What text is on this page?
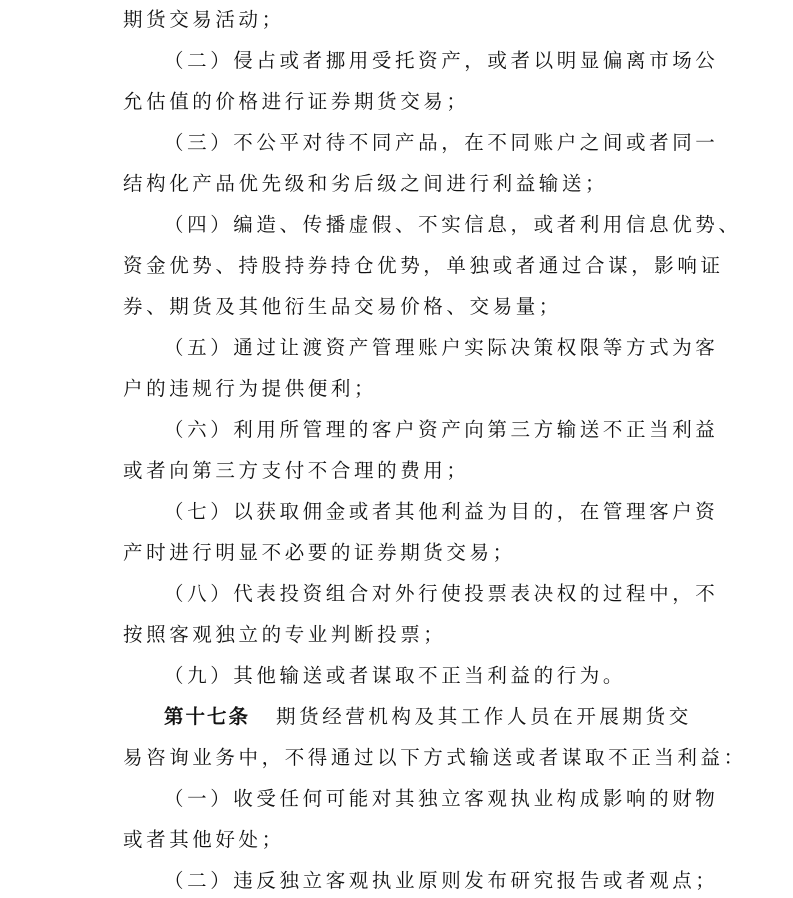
期货交易活动；
（二）侵占或者挪用受托资产，或者以明显偏离市场公
允估值的价格进行证券期货交易；
（三）不公平对待不同产品，在不同账户之间或者同一
结构化产品优先级和劣后级之间进行利益输送；
（四）编造、传播虚假、不实信息，或者利用信息优势、
资金优势、持股持券持仓优势，单独或者通过合谋，影响证
券、期货及其他衍生品交易价格、交易量；
（五）通过让渡资产管理账户实际决策权限等方式为客
户的违规行为提供便利；
（六）利用所管理的客户资产向第三方输送不正当利益
或者向第三方支付不合理的费用；
（七）以获取佣金或者其他利益为目的，在管理客户资
产时进行明显不必要的证券期货交易；
（八）代表投资组合对外行使投票表决权的过程中，不
按照客观独立的专业判断投票；
（九）其他输送或者谋取不正当利益的行为。
第十七条 期货经营机构及其工作人员在开展期货交
易咨询业务中，不得通过以下方式输送或者谋取不正当利益：
（一）收受任何可能对其独立客观执业构成影响的财物
或者其他好处；
（二）违反独立客观执业原则发布研究报告或者观点；
